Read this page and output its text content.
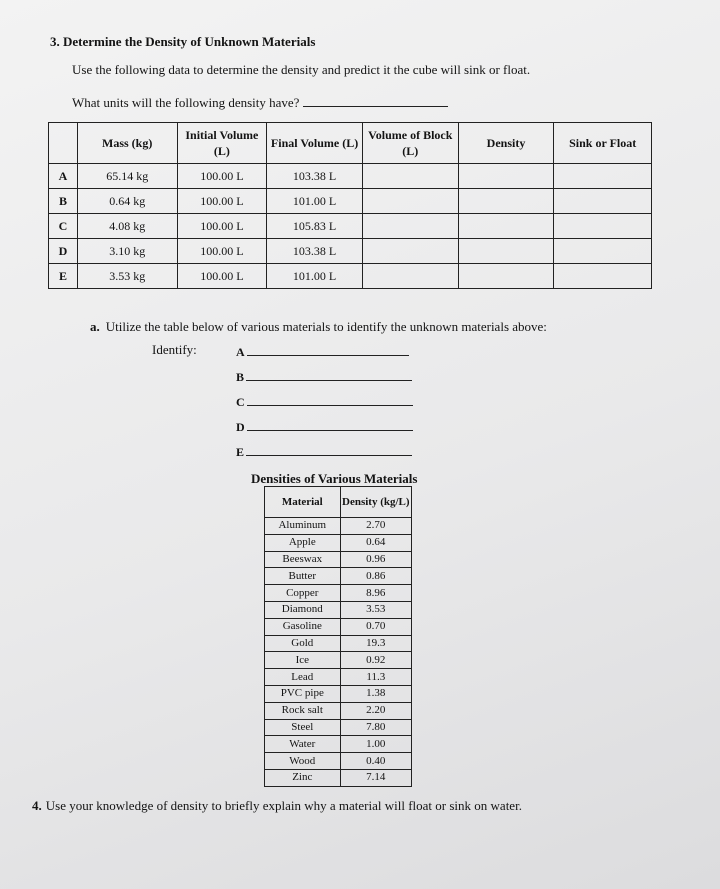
3. Determine the Density of Unknown Materials
Use the following data to determine the density and predict it the cube will sink or float.
What units will the following density have?
	Mass (kg)	Initial Volume (L)	Final Volume (L)	Volume of Block (L)	Density	Sink or Float
A	65.14 kg	100.00 L	103.38 L			
B	0.64 kg	100.00 L	101.00 L			
C	4.08 kg	100.00 L	105.83 L			
D	3.10 kg	100.00 L	103.38 L			
E	3.53 kg	100.00 L	101.00 L			
a. Utilize the table below of various materials to identify the unknown materials above:
Identify:	A
B
C
D
E
Densities of Various Materials
Material	Density (kg/L)
Aluminum	2.70
Apple	0.64
Beeswax	0.96
Butter	0.86
Copper	8.96
Diamond	3.53
Gasoline	0.70
Gold	19.3
Ice	0.92
Lead	11.3
PVC pipe	1.38
Rock salt	2.20
Steel	7.80
Water	1.00
Wood	0.40
Zinc	7.14
4. Use your knowledge of density to briefly explain why a material will float or sink on water.
